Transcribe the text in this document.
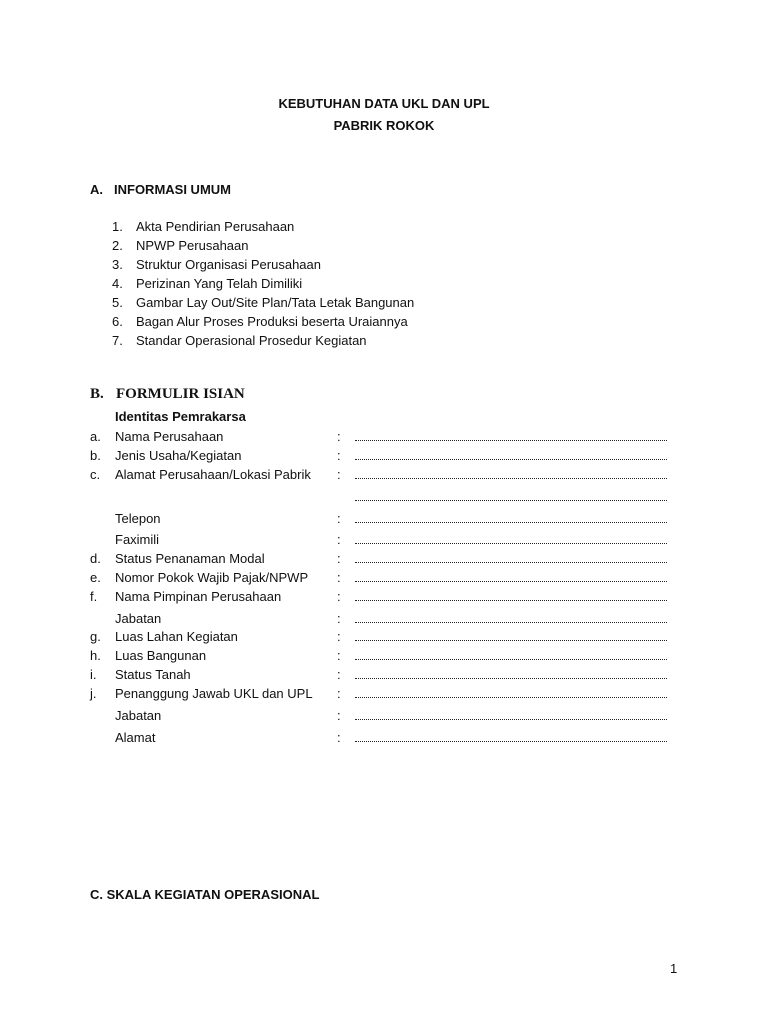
KEBUTUHAN DATA UKL DAN UPL
PABRIK ROKOK
A. INFORMASI UMUM
1. Akta Pendirian Perusahaan
2. NPWP Perusahaan
3. Struktur Organisasi Perusahaan
4. Perizinan Yang Telah Dimiliki
5. Gambar Lay Out/Site Plan/Tata Letak Bangunan
6. Bagan Alur Proses Produksi beserta Uraiannya
7. Standar Operasional Prosedur Kegiatan
B. FORMULIR ISIAN
Identitas Pemrakarsa
a. Nama Perusahaan	:
b. Jenis Usaha/Kegiatan	:
c. Alamat Perusahaan/Lokasi Pabrik :
Telepon	:
Faximili	:
d. Status Penanaman Modal	:
e. Nomor Pokok Wajib Pajak/NPWP :
f. Nama Pimpinan Perusahaan	:
Jabatan	:
g. Luas Lahan Kegiatan	:
h. Luas Bangunan	:
i. Status Tanah	:
j. Penanggung Jawab UKL dan UPL :
Jabatan	:
Alamat	:
C. SKALA KEGIATAN OPERASIONAL
1
